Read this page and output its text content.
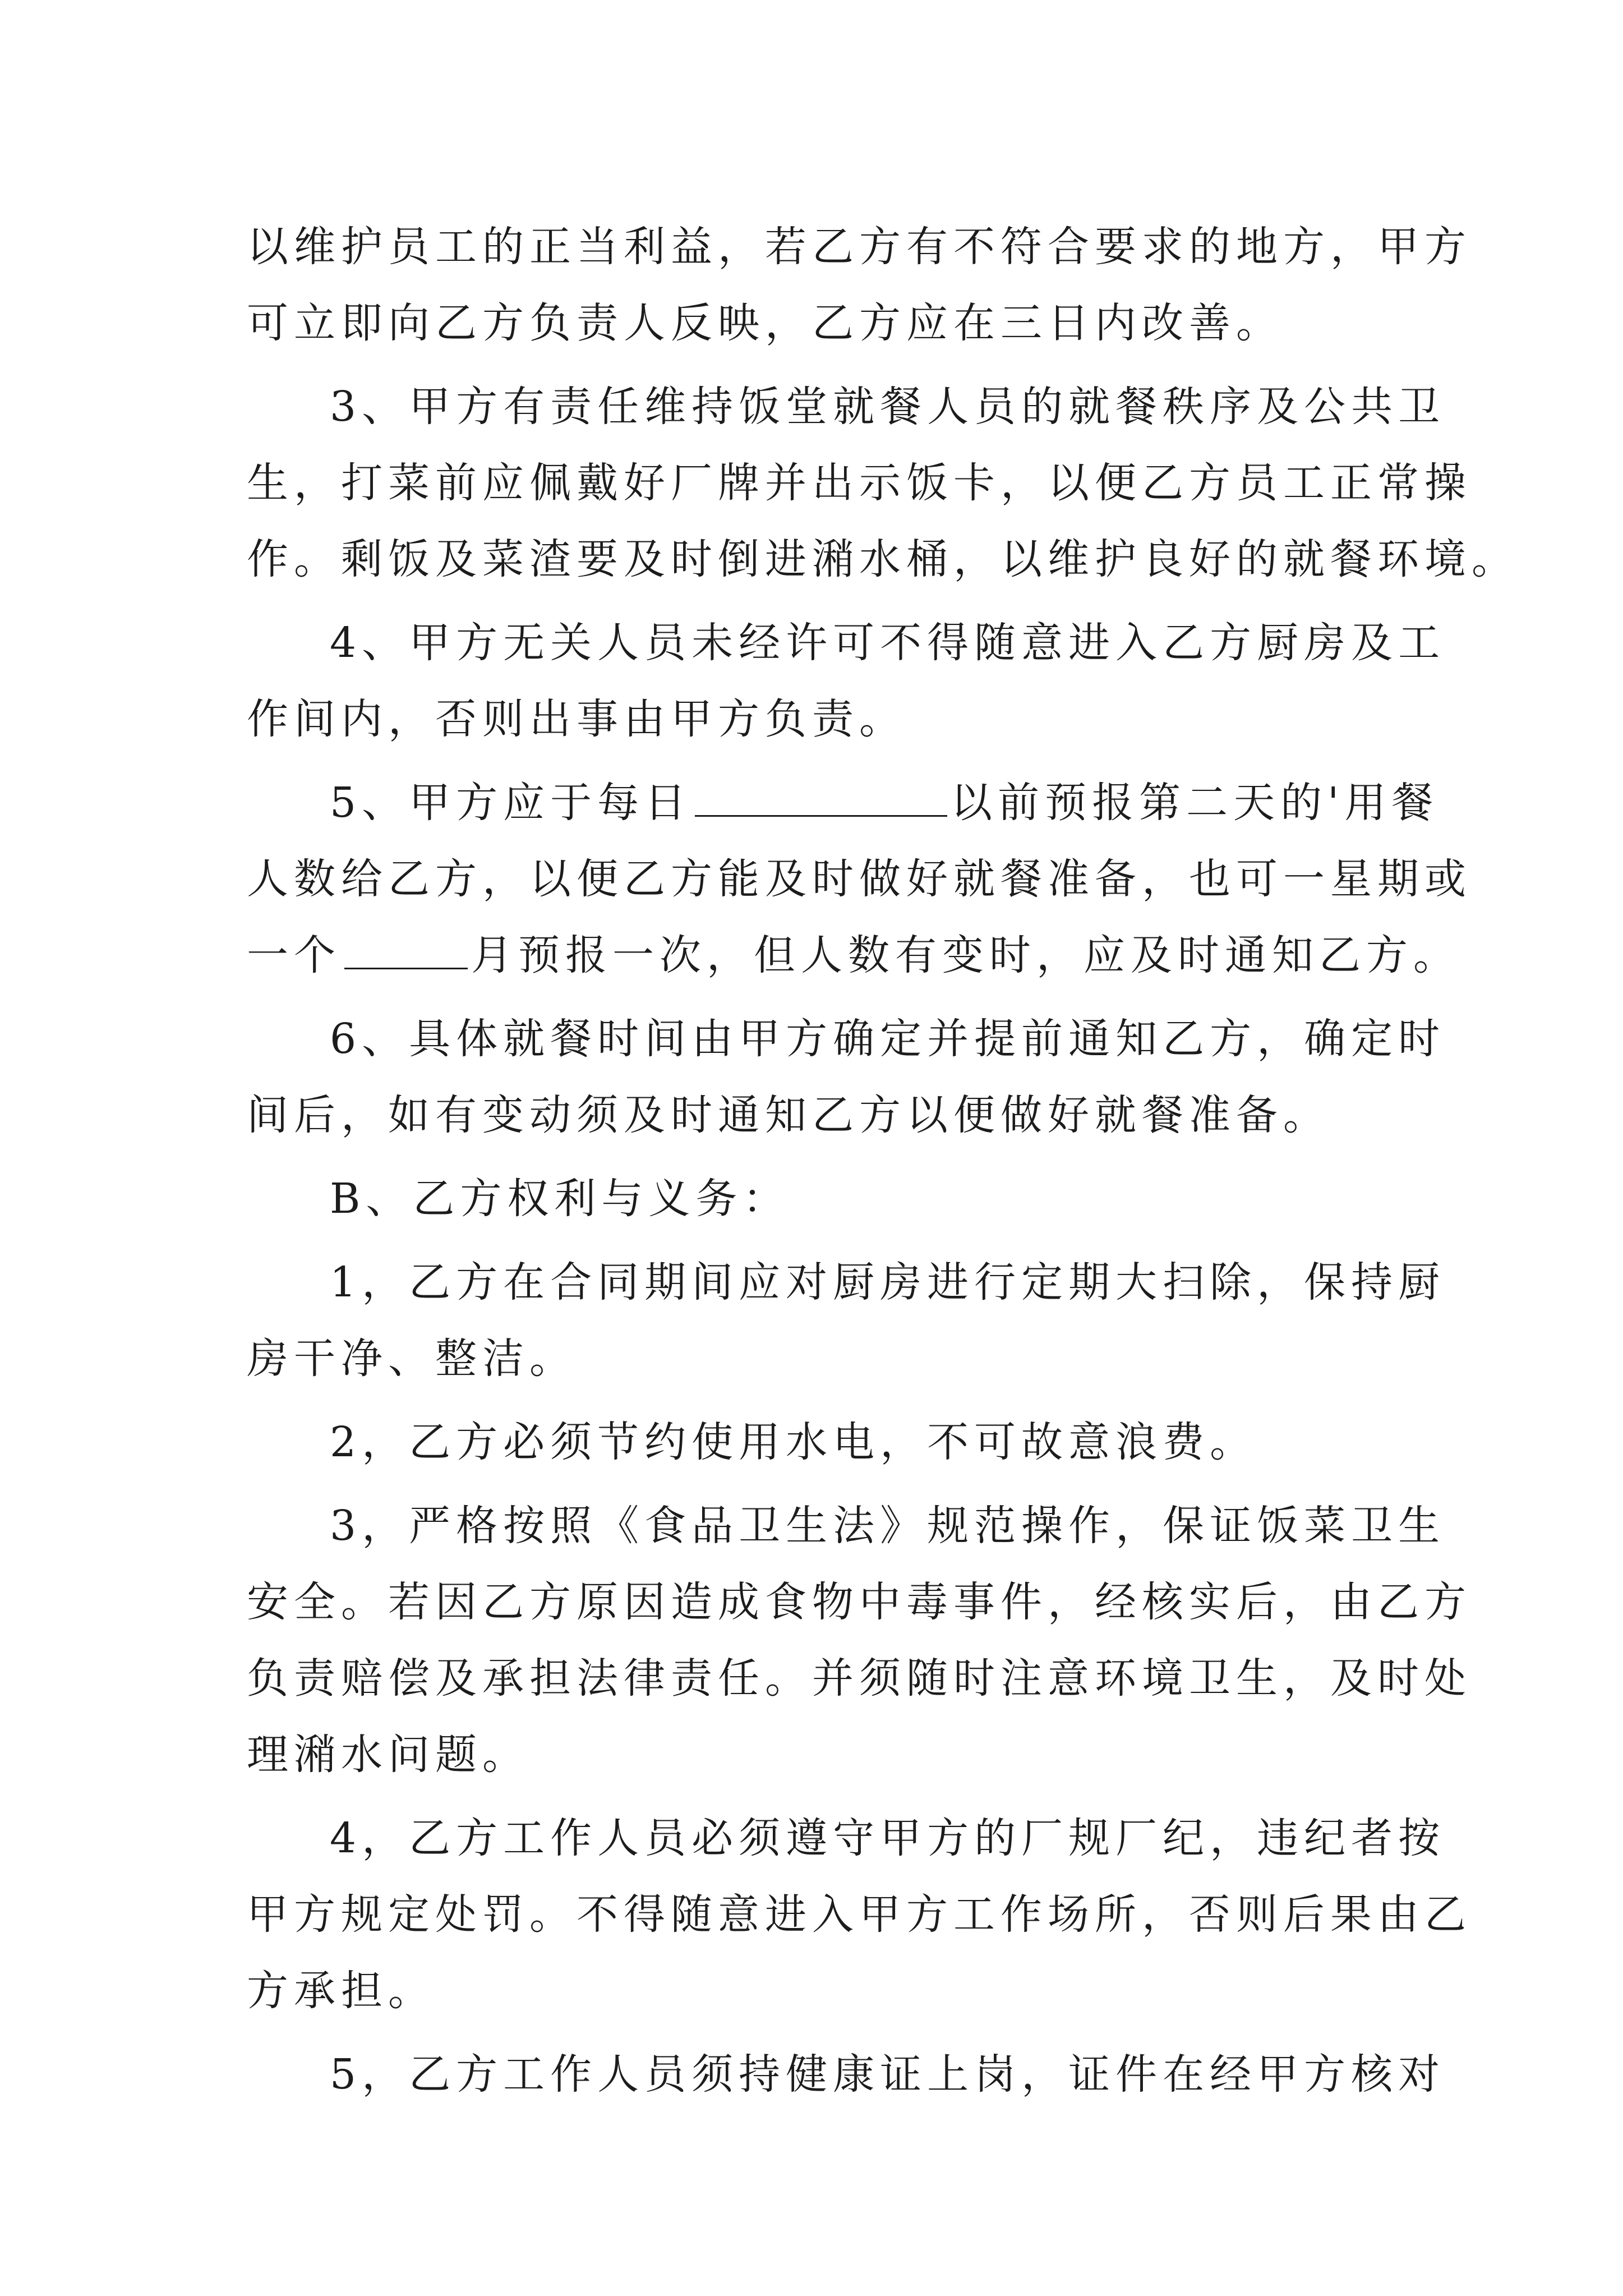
以维护员工的正当利益，若乙方有不符合要求的地方，甲方
可立即向乙方负责人反映，乙方应在三日内改善。
3、甲方有责任维持饭堂就餐人员的就餐秩序及公共卫
生，打菜前应佩戴好厂牌并出示饭卡，以便乙方员工正常操
作。剩饭及菜渣要及时倒进潲水桶，以维护良好的就餐环境。
4、甲方无关人员未经许可不得随意进入乙方厨房及工
作间内，否则出事由甲方负责。
5、甲方应于每日	以前预报第二天的'用餐
人数给乙方，以便乙方能及时做好就餐准备，也可一星期或
一个	月预报一次，但人数有变时，应及时通知乙方。
6、具体就餐时间由甲方确定并提前通知乙方，确定时
间后，如有变动须及时通知乙方以便做好就餐准备。
B、乙方权利与义务：
1，乙方在合同期间应对厨房进行定期大扫除，保持厨
房干净、整洁。
2，乙方必须节约使用水电，不可故意浪费。
3，严格按照《食品卫生法》规范操作，保证饭菜卫生
安全。若因乙方原因造成食物中毒事件，经核实后，由乙方
负责赔偿及承担法律责任。并须随时注意环境卫生，及时处
理潲水问题。
4，乙方工作人员必须遵守甲方的厂规厂纪，违纪者按
甲方规定处罚。不得随意进入甲方工作场所，否则后果由乙
方承担。
5，乙方工作人员须持健康证上岗，证件在经甲方核对
